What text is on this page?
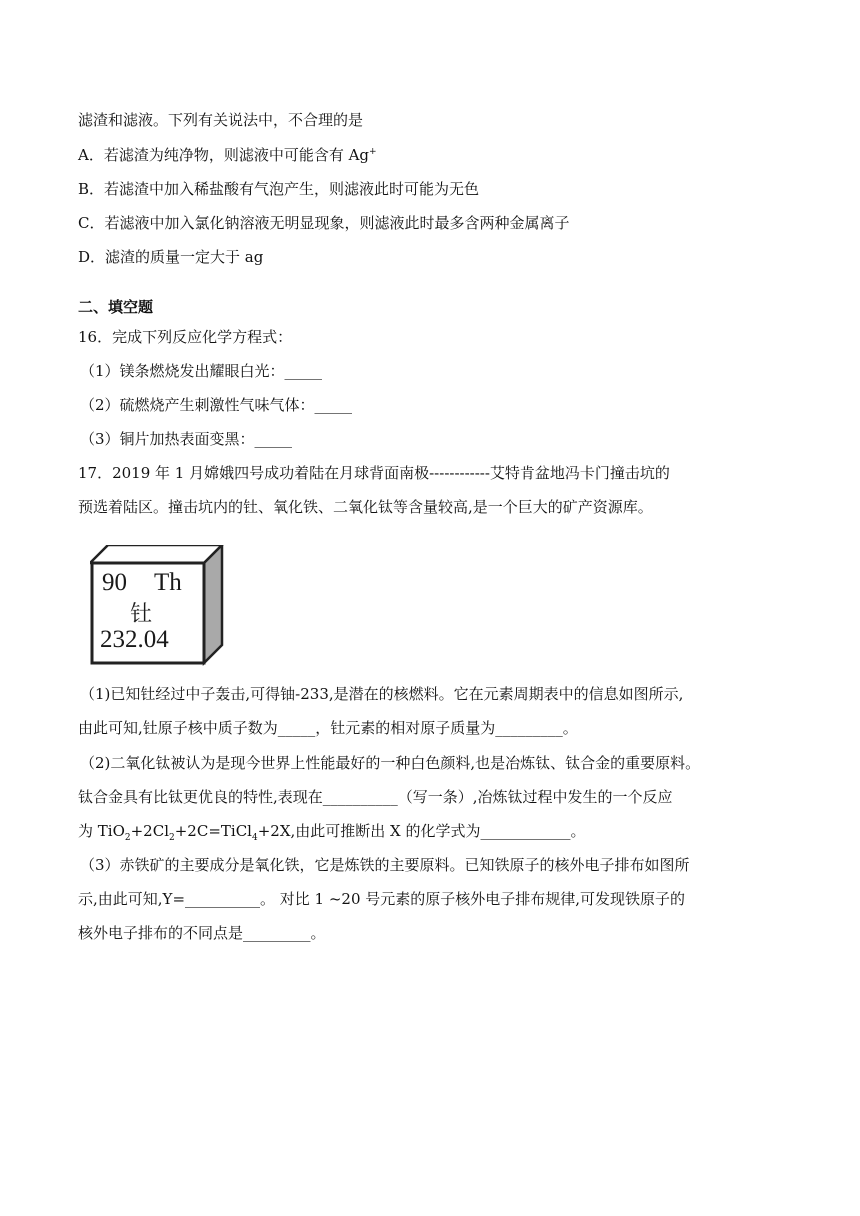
滤渣和滤液。下列有关说法中，不合理的是
A．若滤渣为纯净物，则滤液中可能含有 Ag+
B．若滤渣中加入稀盐酸有气泡产生，则滤液此时可能为无色
C．若滤液中加入氯化钠溶液无明显现象，则滤液此时最多含两种金属离子
D．滤渣的质量一定大于 ag
二、填空题
16．完成下列反应化学方程式：
（1）镁条燃烧发出耀眼白光：_____
（2）硫燃烧产生刺激性气味气体：_____
（3）铜片加热表面变黑：_____
17．2019 年 1 月嫦娥四号成功着陆在月球背面南极------------艾特肯盆地冯卡门撞击坑的
预选着陆区。撞击坑内的钍、氧化铁、二氧化钛等含量较高,是一个巨大的矿产资源库。
90 Th
钍
232.04
（1)已知钍经过中子轰击,可得铀-233,是潜在的核燃料。它在元素周期表中的信息如图所示,
由此可知,钍原子核中质子数为_____，钍元素的相对原子质量为_________。
（2)二氧化钛被认为是现今世界上性能最好的一种白色颜料,也是冶炼钛、钛合金的重要原料。
钛合金具有比钛更优良的特性,表现在__________（写一条）,冶炼钛过程中发生的一个反应
为 $TiO_2+2Cl_2+2C=TiCl_4+2X$,由此可推断出 X 的化学式为____________。
（3）赤铁矿的主要成分是氧化铁，它是炼铁的主要原料。已知铁原子的核外电子排布如图所
示,由此可知,Y=__________。 对比 1 ~20 号元素的原子核外电子排布规律,可发现铁原子的
核外电子排布的不同点是_________。
